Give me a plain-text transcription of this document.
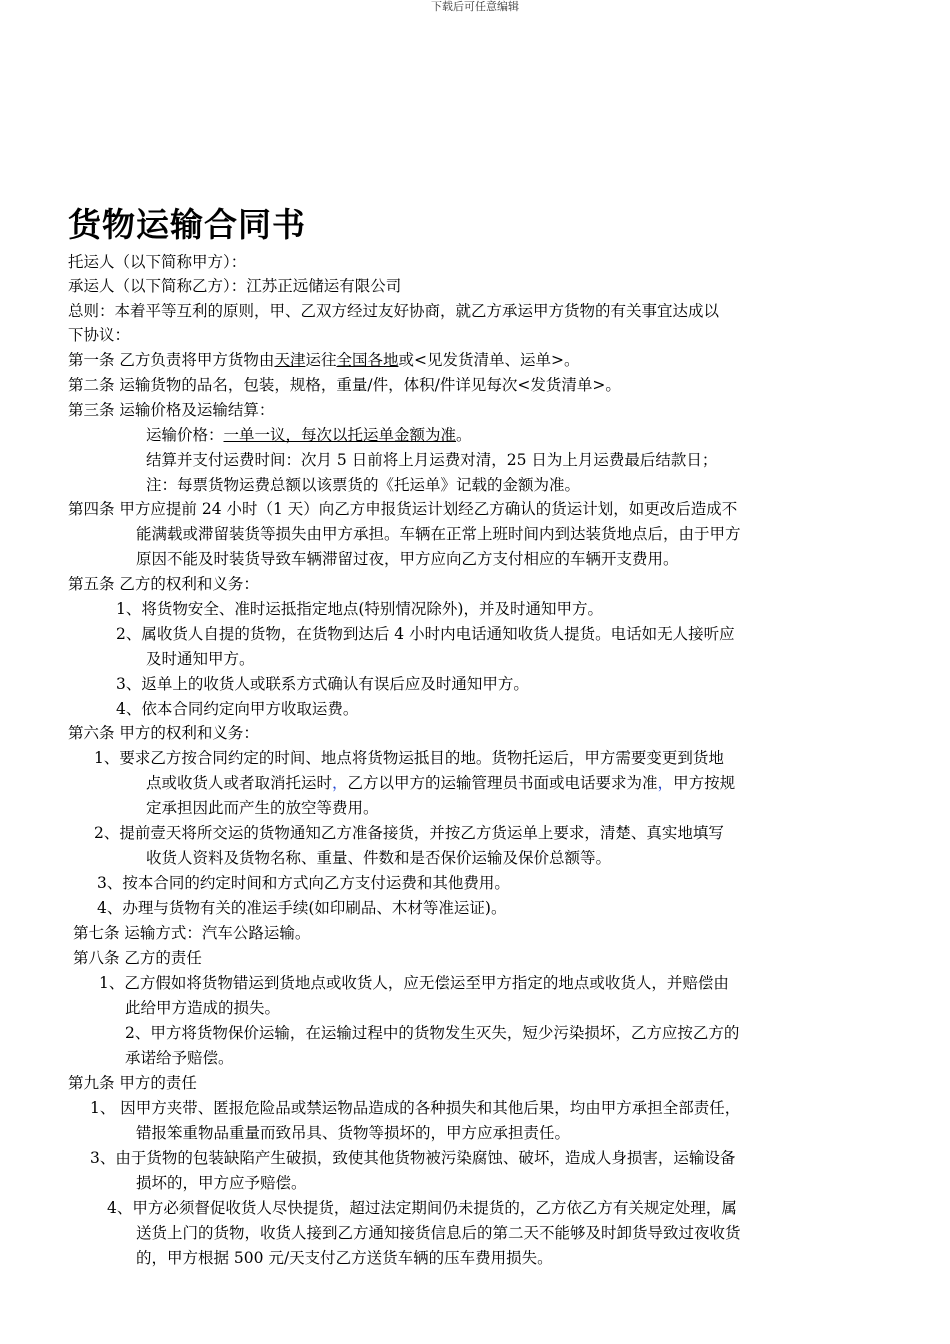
下载后可任意编辑
货物运输合同书
托运人（以下简称甲方）：
承运人（以下简称乙方）：江苏正远储运有限公司
总则：本着平等互利的原则，甲、乙双方经过友好协商，就乙方承运甲方货物的有关事宜达成以
下协议：
第一条 乙方负责将甲方货物由天津运往全国各地或<见发货清单、运单>。
第二条 运输货物的品名，包装，规格，重量/件，体积/件详见每次<发货清单>。
第三条 运输价格及运输结算：
运输价格：一单一议，每次以托运单金额为准。
结算并支付运费时间：次月 5 日前将上月运费对清，25 日为上月运费最后结款日；
注：每票货物运费总额以该票货的《托运单》记载的金额为准。
第四条 甲方应提前 24 小时（1 天）向乙方申报货运计划经乙方确认的货运计划，如更改后造成不
能满载或滞留装货等损失由甲方承担。车辆在正常上班时间内到达装货地点后，由于甲方
原因不能及时装货导致车辆滞留过夜，甲方应向乙方支付相应的车辆开支费用。
第五条 乙方的权利和义务：
1、将货物安全、准时运抵指定地点(特别情况除外)，并及时通知甲方。
2、属收货人自提的货物，在货物到达后 4 小时内电话通知收货人提货。电话如无人接听应
及时通知甲方。
3、返单上的收货人或联系方式确认有误后应及时通知甲方。
4、依本合同约定向甲方收取运费。
第六条 甲方的权利和义务：
1、要求乙方按合同约定的时间、地点将货物运抵目的地。货物托运后，甲方需要变更到货地
点或收货人或者取消托运时，乙方以甲方的运输管理员书面或电话要求为准，甲方按规
定承担因此而产生的放空等费用。
2、提前壹天将所交运的货物通知乙方准备接货，并按乙方货运单上要求，清楚、真实地填写
收货人资料及货物名称、重量、件数和是否保价运输及保价总额等。
3、按本合同的约定时间和方式向乙方支付运费和其他费用。
4、办理与货物有关的准运手续(如印刷品、木材等准运证)。
第七条 运输方式：汽车公路运输。
第八条 乙方的责任
1、乙方假如将货物错运到货地点或收货人，应无偿运至甲方指定的地点或收货人，并赔偿由
此给甲方造成的损失。
2、甲方将货物保价运输，在运输过程中的货物发生灭失，短少污染损坏，乙方应按乙方的
承诺给予赔偿。
第九条 甲方的责任
1、 因甲方夹带、匿报危险品或禁运物品造成的各种损失和其他后果，均由甲方承担全部责任，
错报笨重物品重量而致吊具、货物等损坏的，甲方应承担责任。
3、由于货物的包装缺陷产生破损，致使其他货物被污染腐蚀、破坏，造成人身损害，运输设备
损坏的，甲方应予赔偿。
4、甲方必须督促收货人尽快提货，超过法定期间仍未提货的，乙方依乙方有关规定处理，属
送货上门的货物，收货人接到乙方通知接货信息后的第二天不能够及时卸货导致过夜收货
的，甲方根据 500 元/天支付乙方送货车辆的压车费用损失。
